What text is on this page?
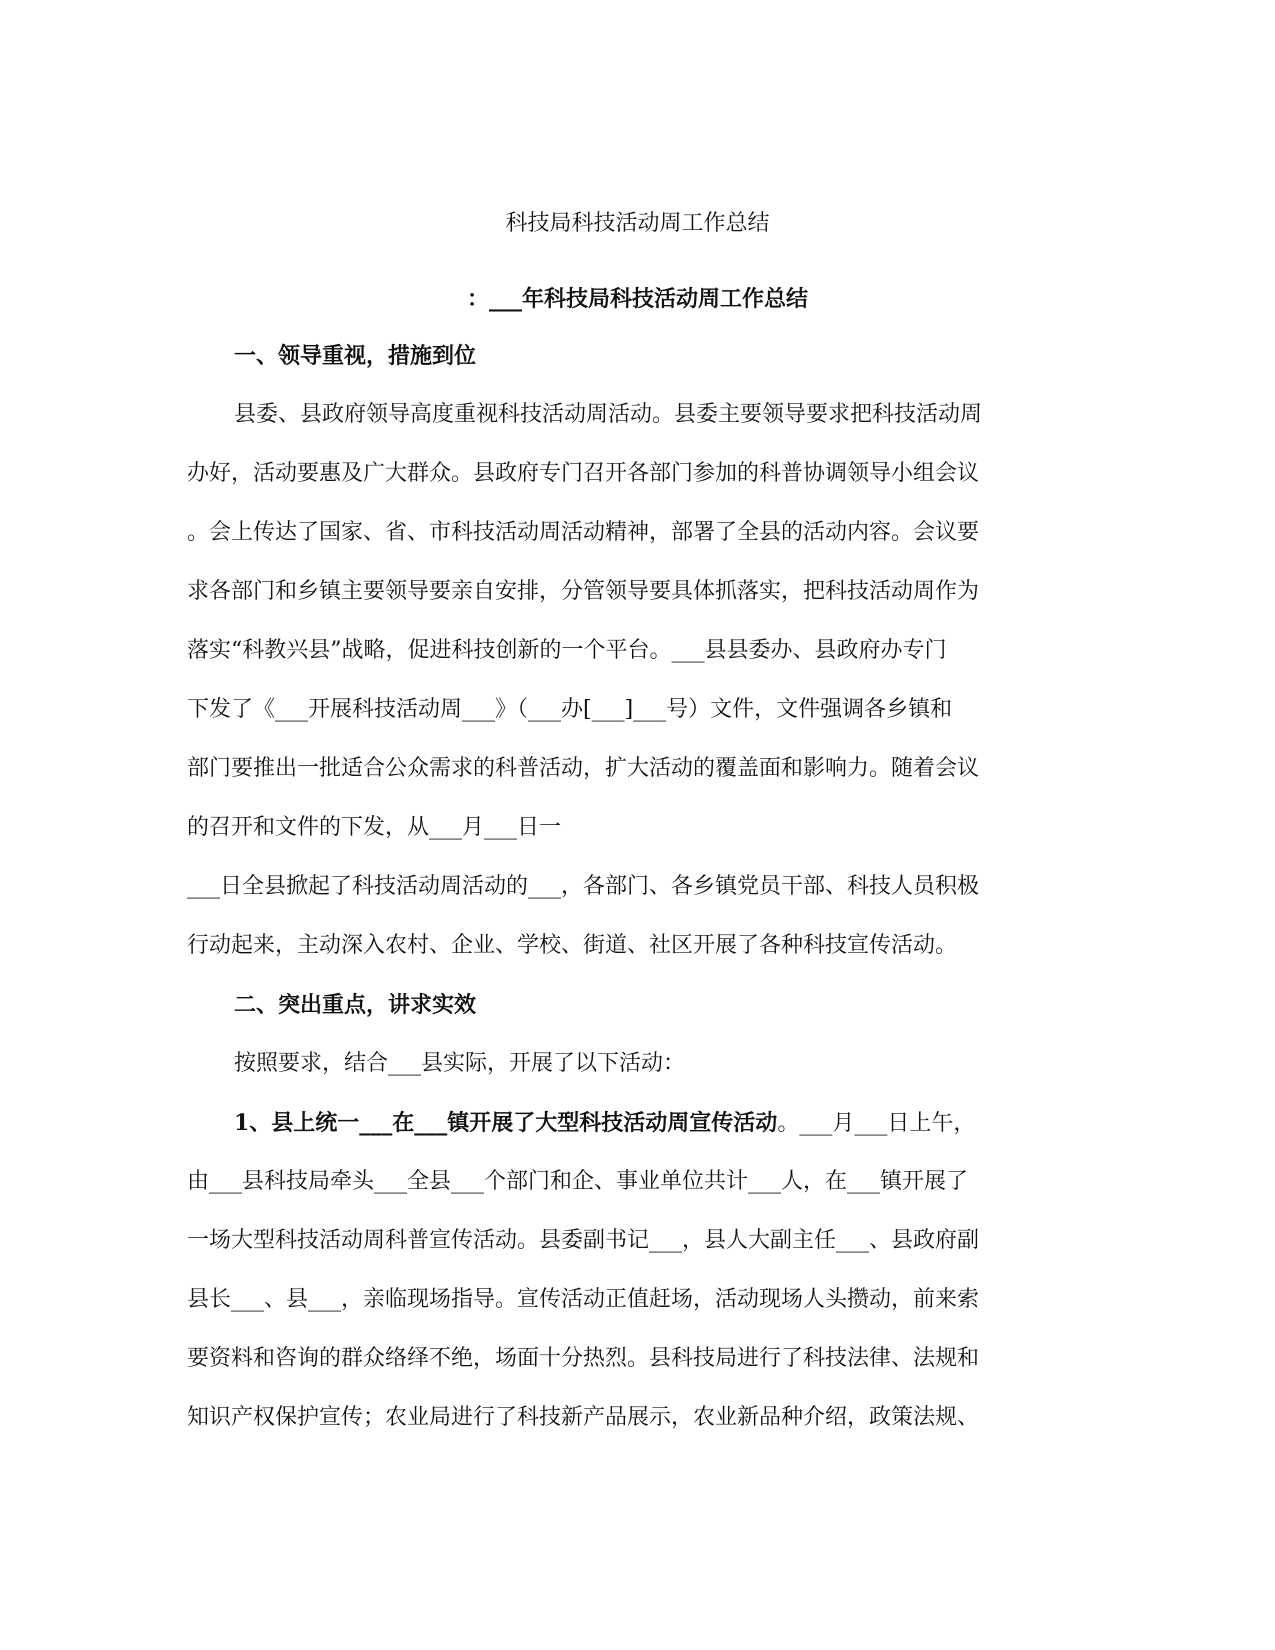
科技局科技活动周工作总结
：___年科技局科技活动周工作总结
一、领导重视，措施到位
县委、县政府领导高度重视科技活动周活动。县委主要领导要求把科技活动周
办好，活动要惠及广大群众。县政府专门召开各部门参加的科普协调领导小组会议
。会上传达了国家、省、市科技活动周活动精神，部署了全县的活动内容。会议要
求各部门和乡镇主要领导要亲自安排，分管领导要具体抓落实，把科技活动周作为
落实“科教兴县”战略，促进科技创新的一个平台。___县县委办、县政府办专门
下发了《___开展科技活动周___》（___办[___]___号）文件，文件强调各乡镇和
部门要推出一批适合公众需求的科普活动，扩大活动的覆盖面和影响力。随着会议
的召开和文件的下发，从___月___日一
___日全县掀起了科技活动周活动的___，各部门、各乡镇党员干部、科技人员积极
行动起来，主动深入农村、企业、学校、街道、社区开展了各种科技宣传活动。
二、突出重点，讲求实效
按照要求，结合___县实际，开展了以下活动：
1、县上统一___在___镇开展了大型科技活动周宣传活动。___月___日上午，
由___县科技局牵头___全县___个部门和企、事业单位共计___人，在___镇开展了
一场大型科技活动周科普宣传活动。县委副书记___，县人大副主任___、县政府副
县长___、县___，亲临现场指导。宣传活动正值赶场，活动现场人头攒动，前来索
要资料和咨询的群众络绎不绝，场面十分热烈。县科技局进行了科技法律、法规和
知识产权保护宣传；农业局进行了科技新产品展示，农业新品种介绍，政策法规、
